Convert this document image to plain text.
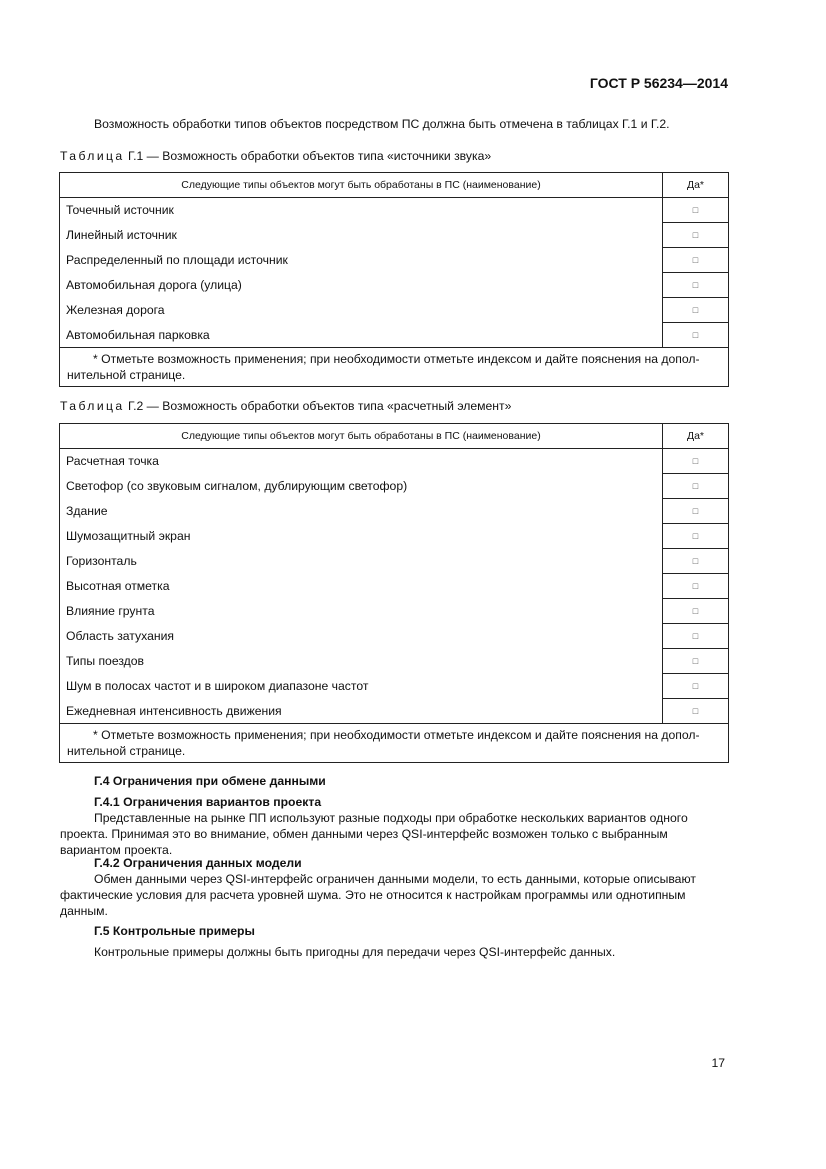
ГОСТ Р 56234—2014
Возможность обработки типов объектов посредством ПС должна быть отмечена в таблицах Г.1 и Г.2.
Таблица Г.1 — Возможность обработки объектов типа «источники звука»
Следующие типы объектов могут быть обработаны в ПС (наименование)	Да*
Точечный источник	□
Линейный источник	□
Распределенный по площади источник	□
Автомобильная дорога (улица)	□
Железная дорога	□
Автомобильная парковка	□

* Отметьте возможность применения; при необходимости отметьте индексом и дайте пояснения на допол-
нительной странице.	
Таблица Г.2 — Возможность обработки объектов типа «расчетный элемент»
Следующие типы объектов могут быть обработаны в ПС (наименование)	Да*
Расчетная точка	□
Светофор (со звуковым сигналом, дублирующим светофор)	□
Здание	□
Шумозащитный экран	□
Горизонталь	□
Высотная отметка	□
Влияние грунта	□
Область затухания	□
Типы поездов	□
Шум в полосах частот и в широком диапазоне частот	□
Ежедневная интенсивность движения	□

* Отметьте возможность применения; при необходимости отметьте индексом и дайте пояснения на допол-
нительной странице.	
Г.4 Ограничения при обмене данными
Г.4.1 Ограничения вариантов проекта
Представленные на рынке ПП используют разные подходы при обработке нескольких вариантов одного проекта. Принимая это во внимание, обмен данными через QSI-интерфейс возможен только с выбранным вариантом проекта.
Г.4.2 Ограничения данных модели
Обмен данными через QSI-интерфейс ограничен данными модели, то есть данными, которые описывают фактические условия для расчета уровней шума. Это не относится к настройкам программы или однотипным данным.
Г.5 Контрольные примеры
Контрольные примеры должны быть пригодны для передачи через QSI-интерфейс данных.
17
